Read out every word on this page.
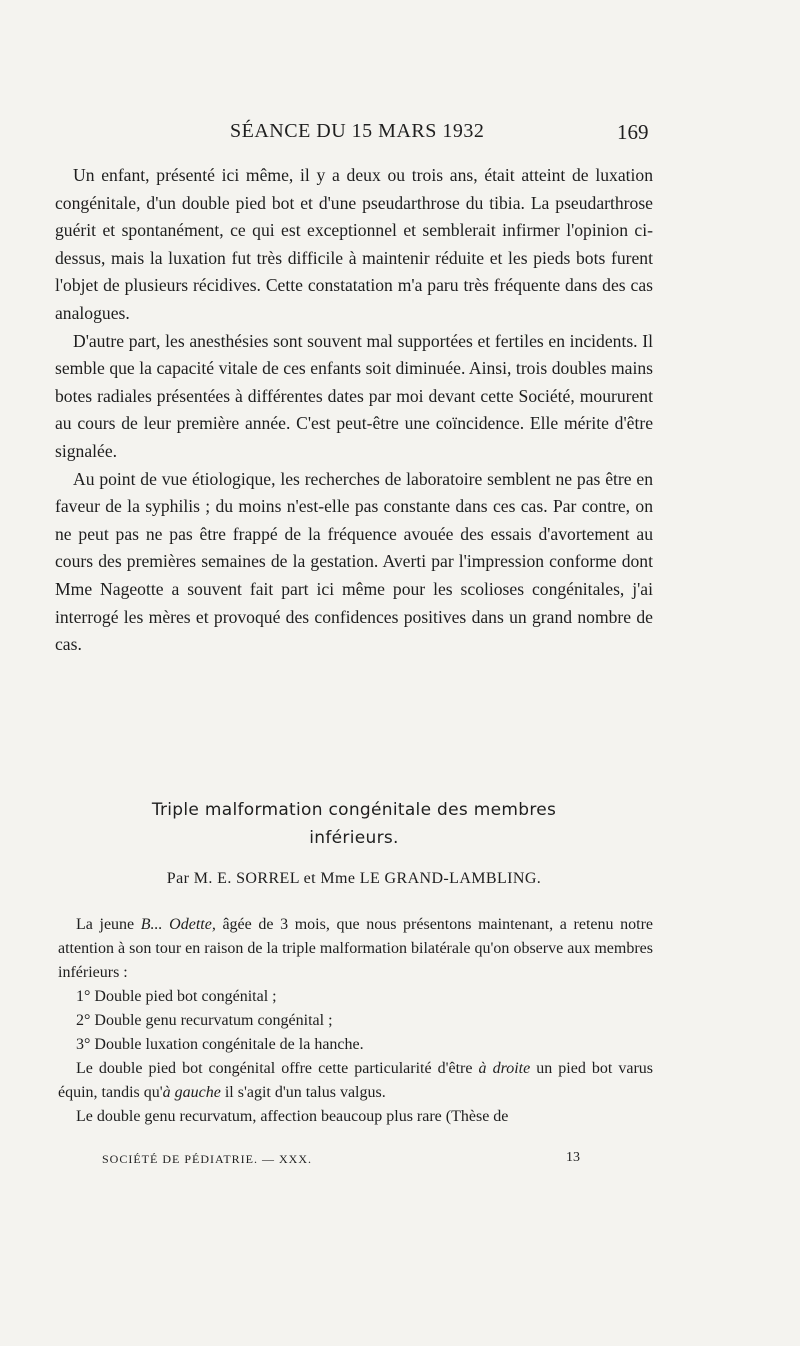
SÉANCE DU 15 MARS 1932	169

Un enfant, présenté ici même, il y a deux ou trois ans, était atteint de luxation congénitale, d'un double pied bot et d'une pseudarthrose du tibia. La pseudarthrose guérit et spontanément, ce qui est exceptionnel et semblerait infirmer l'opinion ci-dessus, mais la luxation fut très difficile à maintenir réduite et les pieds bots furent l'objet de plusieurs récidives. Cette constatation m'a paru très fréquente dans des cas analogues.

D'autre part, les anesthésies sont souvent mal supportées et fertiles en incidents. Il semble que la capacité vitale de ces enfants soit diminuée. Ainsi, trois doubles mains botes radiales présentées à différentes dates par moi devant cette Société, moururent au cours de leur première année. C'est peut-être une coïncidence. Elle mérite d'être signalée.

Au point de vue étiologique, les recherches de laboratoire semblent ne pas être en faveur de la syphilis ; du moins n'est-elle pas constante dans ces cas. Par contre, on ne peut pas ne pas être frappé de la fréquence avouée des essais d'avortement au cours des premières semaines de la gestation. Averti par l'impression conforme dont Mme Nageotte a souvent fait part ici même pour les scolioses congénitales, j'ai interrogé les mères et provoqué des confidences positives dans un grand nombre de cas.

Triple malformation congénitale des membres
inférieurs.
Par M. E. SORREL et Mme LE GRAND-LAMBLING.

La jeune B... Odette, âgée de 3 mois, que nous présentons maintenant, a retenu notre attention à son tour en raison de la triple malformation bilatérale qu'on observe aux membres inférieurs :

1° Double pied bot congénital ;

2° Double genu recurvatum congénital ;

3° Double luxation congénitale de la hanche.

Le double pied bot congénital offre cette particularité d'être à droite un pied bot varus équin, tandis qu'à gauche il s'agit d'un talus valgus.

Le double genu recurvatum, affection beaucoup plus rare (Thèse de

SOCIÉTÉ DE PÉDIATRIE. — XXX.	13
